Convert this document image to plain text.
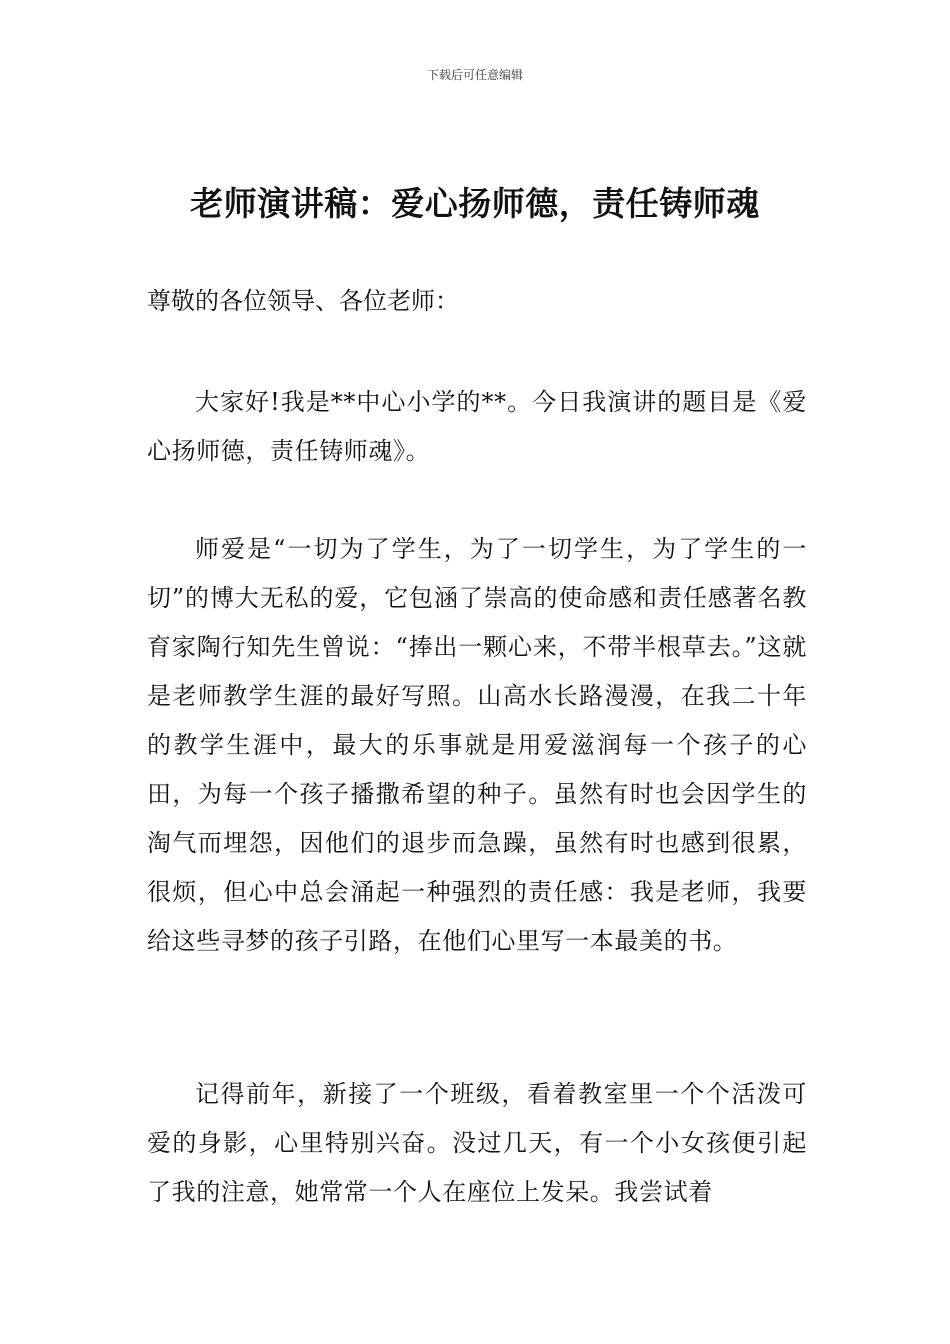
下载后可任意编辑
老师演讲稿：爱心扬师德，责任铸师魂

尊敬的各位领导、各位老师：

大家好!我是**中心小学的**。今日我演讲的题目是《爱心扬师德，责任铸师魂》。

师爱是“一切为了学生，为了一切学生，为了学生的一切”的博大无私的爱，它包涵了崇高的使命感和责任感著名教育家陶行知先生曾说：“捧出一颗心来，不带半根草去。”这就是老师教学生涯的最好写照。山高水长路漫漫，在我二十年的教学生涯中，最大的乐事就是用爱滋润每一个孩子的心田，为每一个孩子播撒希望的种子。虽然有时也会因学生的淘气而埋怨，因他们的退步而急躁，虽然有时也感到很累，很烦，但心中总会涌起一种强烈的责任感：我是老师，我要给这些寻梦的孩子引路，在他们心里写一本最美的书。

记得前年，新接了一个班级，看着教室里一个个活泼可爱的身影，心里特别兴奋。没过几天，有一个小女孩便引起了我的注意，她常常一个人在座位上发呆。我尝试着
